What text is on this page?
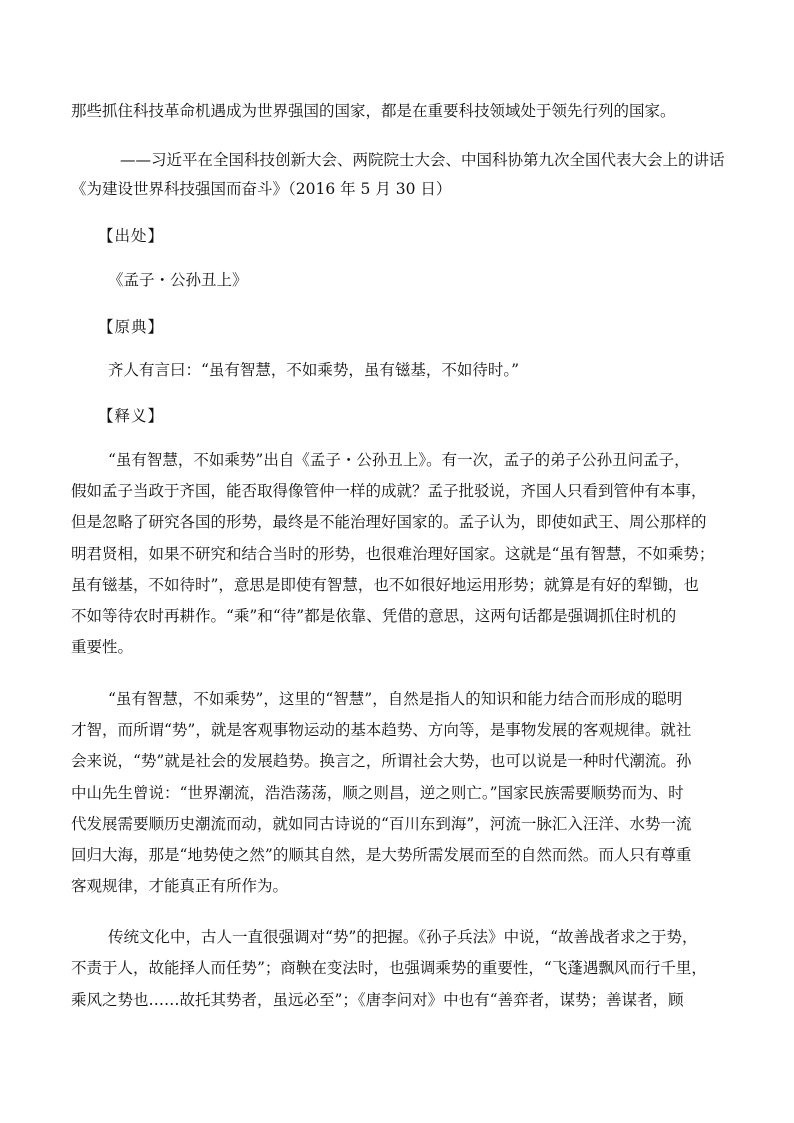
那些抓住科技革命机遇成为世界强国的国家，都是在重要科技领域处于领先行列的国家。
——习近平在全国科技创新大会、两院院士大会、中国科协第九次全国代表大会上的讲话
《为建设世界科技强国而奋斗》（2016 年 5 月 30 日）
【出处】
《孟子・公孙丑上》
【原典】
齐人有言曰：“虽有智慧，不如乘势，虽有镃基，不如待时。”
【释义】
“虽有智慧，不如乘势”出自《孟子・公孙丑上》。有一次，孟子的弟子公孙丑问孟子，
假如孟子当政于齐国，能否取得像管仲一样的成就？孟子批驳说，齐国人只看到管仲有本事，
但是忽略了研究各国的形势，最终是不能治理好国家的。孟子认为，即使如武王、周公那样的
明君贤相，如果不研究和结合当时的形势，也很难治理好国家。这就是“虽有智慧，不如乘势；
虽有镃基，不如待时”，意思是即使有智慧，也不如很好地运用形势；就算是有好的犁锄，也
不如等待农时再耕作。“乘”和“待”都是依靠、凭借的意思，这两句话都是强调抓住时机的
重要性。
“虽有智慧，不如乘势”，这里的“智慧”，自然是指人的知识和能力结合而形成的聪明
才智，而所谓“势”，就是客观事物运动的基本趋势、方向等，是事物发展的客观规律。就社
会来说，“势”就是社会的发展趋势。换言之，所谓社会大势，也可以说是一种时代潮流。孙
中山先生曾说：“世界潮流，浩浩荡荡，顺之则昌，逆之则亡。”国家民族需要顺势而为、时
代发展需要顺历史潮流而动，就如同古诗说的“百川东到海”，河流一脉汇入汪洋、水势一流
回归大海，那是“地势使之然”的顺其自然，是大势所需发展而至的自然而然。而人只有尊重
客观规律，才能真正有所作为。
传统文化中，古人一直很强调对“势”的把握。《孙子兵法》中说，“故善战者求之于势，
不责于人，故能择人而任势”；商鞅在变法时，也强调乘势的重要性，“飞蓬遇飘风而行千里，
乘风之势也……故托其势者，虽远必至”；《唐李问对》中也有“善弈者，谋势；善谋者，顾
